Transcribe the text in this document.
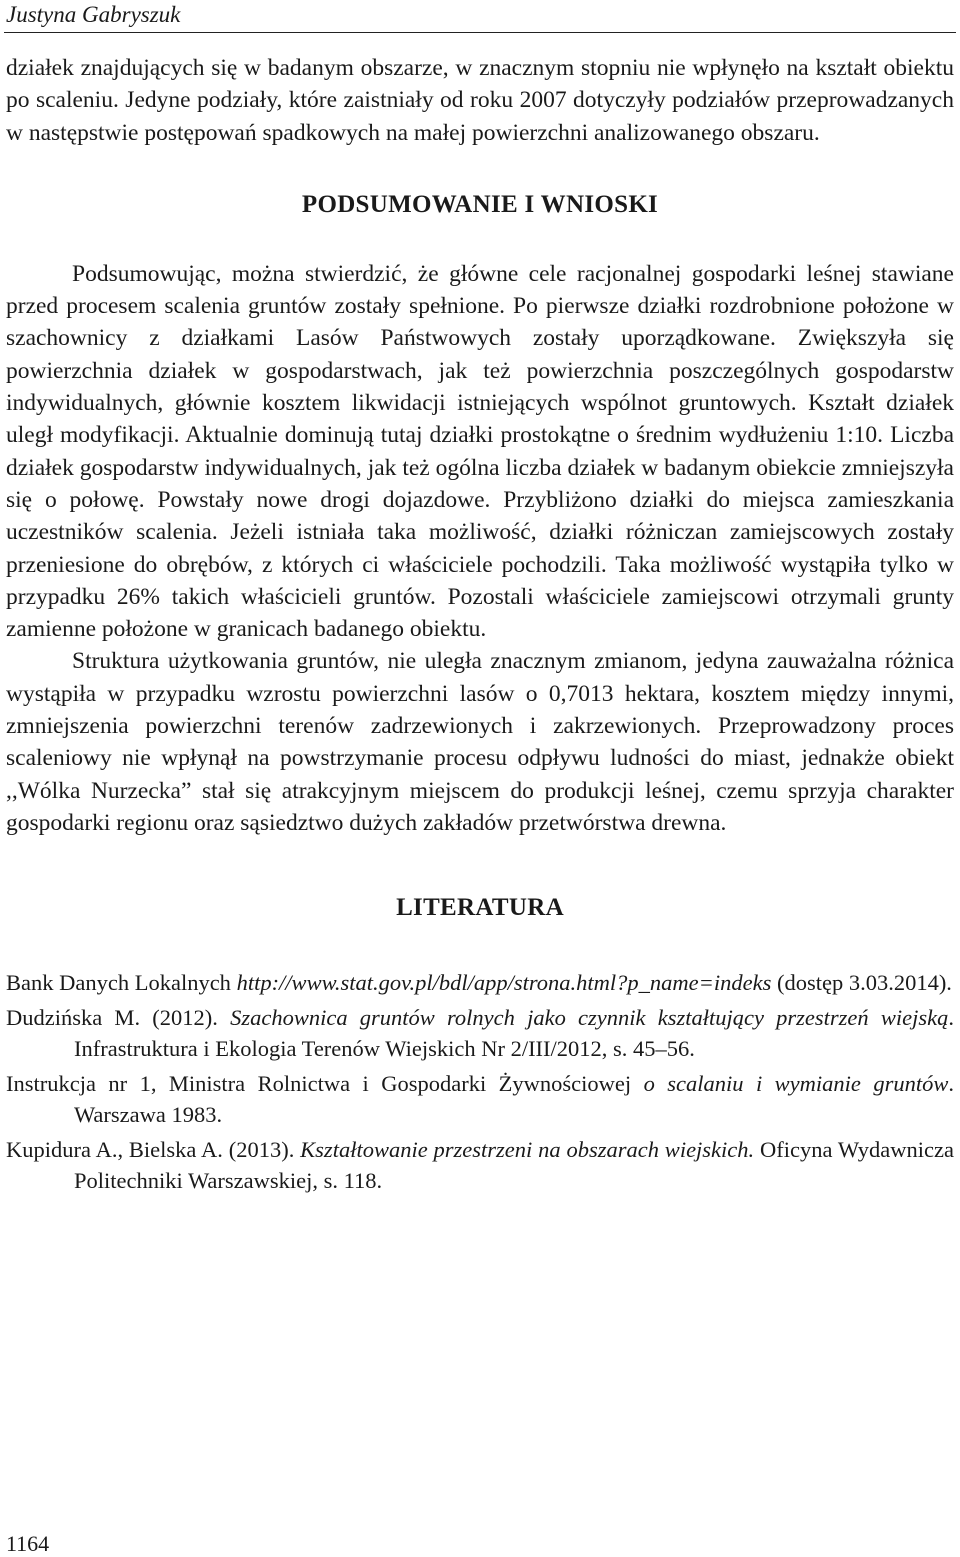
Justyna Gabryszuk

działek znajdujących się w badanym obszarze, w znacznym stopniu nie wpłynęło na kształt obiektu po scaleniu. Jedyne podziały, które zaistniały od roku 2007 dotyczyły podziałów przeprowadzanych w następstwie postępowań spadkowych na małej powierzchni analizowanego obszaru.

PODSUMOWANIE I WNIOSKI

Podsumowując, można stwierdzić, że główne cele racjonalnej gospodarki leśnej stawiane przed procesem scalenia gruntów zostały spełnione. Po pierwsze działki rozdrobnione położone w szachownicy z działkami Lasów Państwowych zostały uporządkowane. Zwiększyła się powierzchnia działek w gospodarstwach, jak też powierzchnia poszczególnych gospodarstw indywidualnych, głównie kosztem likwidacji istniejących wspólnot gruntowych. Kształt działek uległ modyfikacji. Aktualnie dominują tutaj działki prostokątne o średnim wydłużeniu 1:10. Liczba działek gospodarstw indywidualnych, jak też ogólna liczba działek w badanym obiekcie zmniejszyła się o połowę. Powstały nowe drogi dojazdowe. Przybliżono działki do miejsca zamieszkania uczestników scalenia. Jeżeli istniała taka możliwość, działki różniczan zamiejscowych zostały przeniesione do obrębów, z których ci właściciele pochodzili. Taka możliwość wystąpiła tylko w przypadku 26% takich właścicieli gruntów. Pozostali właściciele zamiejscowi otrzymali grunty zamienne położone w granicach badanego obiektu.

Struktura użytkowania gruntów, nie uległa znacznym zmianom, jedyna zauważalna różnica wystąpiła w przypadku wzrostu powierzchni lasów o 0,7013 hektara, kosztem między innymi, zmniejszenia powierzchni terenów zadrzewionych i zakrzewionych. Przeprowadzony proces scaleniowy nie wpłynął na powstrzymanie procesu odpływu ludności do miast, jednakże obiekt ,,Wólka Nurzecka” stał się atrakcyjnym miejscem do produkcji leśnej, czemu sprzyja charakter gospodarki regionu oraz sąsiedztwo dużych zakładów przetwórstwa drewna.

LITERATURA
Bank Danych Lokalnych http://www.stat.gov.pl/bdl/app/strona.html?p_name=indeks (dostęp 3.03.2014).
Dudzińska M. (2012). Szachownica gruntów rolnych jako czynnik kształtujący przestrzeń wiejską. Infrastruktura i Ekologia Terenów Wiejskich Nr 2/III/2012, s. 45–56.
Instrukcja nr 1, Ministra Rolnictwa i Gospodarki Żywnościowej o scalaniu i wymianie gruntów. Warszawa 1983.
Kupidura A., Bielska A. (2013). Kształtowanie przestrzeni na obszarach wiejskich. Oficyna Wydawnicza Politechniki Warszawskiej, s. 118.
1164
